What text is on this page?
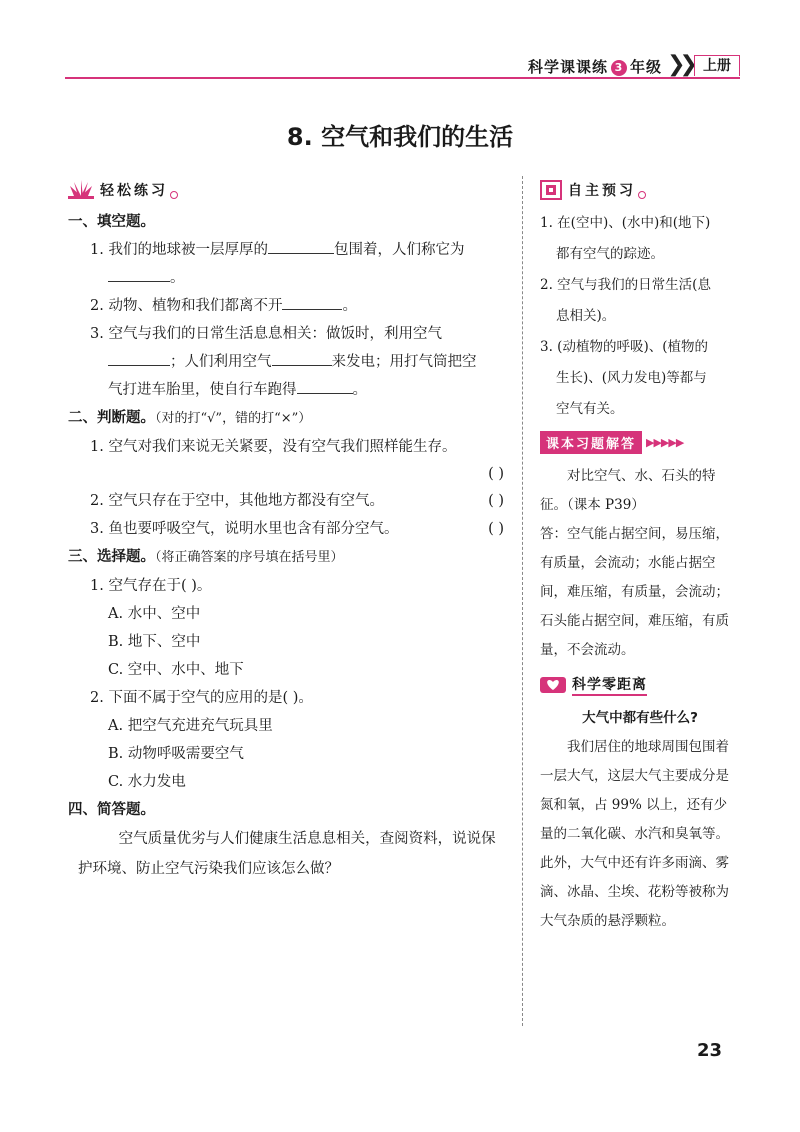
科学课课练 3 年级 ❯❯ 上册
8. 空气和我们的生活
轻松练习
一、填空题。
1. 我们的地球被一层厚厚的	包围着，人们称它为
。
2. 动物、植物和我们都离不开	。
3. 空气与我们的日常生活息息相关：做饭时，利用空气
；人们利用空气	来发电；用打气筒把空
气打进车胎里，使自行车跑得	。
二、判断题。（对的打“√”，错的打“×”）
1. 空气对我们来说无关紧要，没有空气我们照样能生存。
( )
2. 空气只存在于空中，其他地方都没有空气。	( )
3. 鱼也要呼吸空气，说明水里也含有部分空气。	( )
三、选择题。（将正确答案的序号填在括号里）
1. 空气存在于( )。
A. 水中、空中
B. 地下、空中
C. 空中、水中、地下
2. 下面不属于空气的应用的是( )。
A. 把空气充进充气玩具里
B. 动物呼吸需要空气
C. 水力发电
四、简答题。
空气质量优劣与人们健康生活息息相关，查阅资料，说说保护环境、防止空气污染我们应该怎么做？
自主预习
1. 在(空中)、(水中)和(地下)
都有空气的踪迹。
2. 空气与我们的日常生活(息
息相关)。
3. (动植物的呼吸)、(植物的
生长)、(风力发电)等都与
空气有关。
课本习题解答 ▶▶▶▶▶
对比空气、水、石头的特征。（课本 P39）
答：空气能占据空间，易压缩，有质量，会流动；水能占据空间，难压缩，有质量，会流动；石头能占据空间，难压缩，有质量，不会流动。
科学零距离
大气中都有些什么?
我们居住的地球周围包围着一层大气，这层大气主要成分是氮和氧，占 99% 以上，还有少量的二氧化碳、水汽和臭氧等。此外，大气中还有许多雨滴、雾滴、冰晶、尘埃、花粉等被称为大气杂质的悬浮颗粒。
23
